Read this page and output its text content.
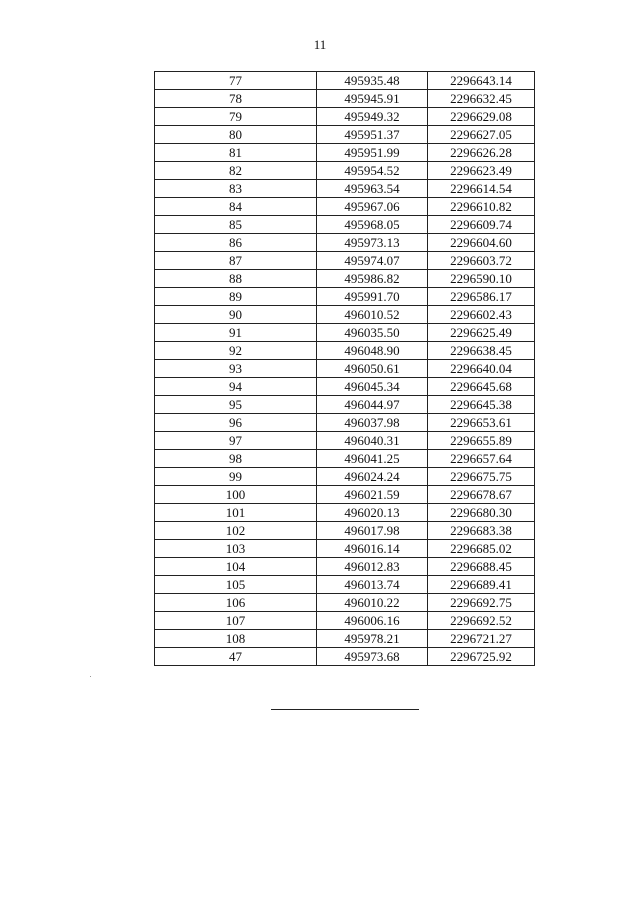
11
77	495935.48	2296643.14
78	495945.91	2296632.45
79	495949.32	2296629.08
80	495951.37	2296627.05
81	495951.99	2296626.28
82	495954.52	2296623.49
83	495963.54	2296614.54
84	495967.06	2296610.82
85	495968.05	2296609.74
86	495973.13	2296604.60
87	495974.07	2296603.72
88	495986.82	2296590.10
89	495991.70	2296586.17
90	496010.52	2296602.43
91	496035.50	2296625.49
92	496048.90	2296638.45
93	496050.61	2296640.04
94	496045.34	2296645.68
95	496044.97	2296645.38
96	496037.98	2296653.61
97	496040.31	2296655.89
98	496041.25	2296657.64
99	496024.24	2296675.75
100	496021.59	2296678.67
101	496020.13	2296680.30
102	496017.98	2296683.38
103	496016.14	2296685.02
104	496012.83	2296688.45
105	496013.74	2296689.41
106	496010.22	2296692.75
107	496006.16	2296692.52
108	495978.21	2296721.27
47	495973.68	2296725.92
